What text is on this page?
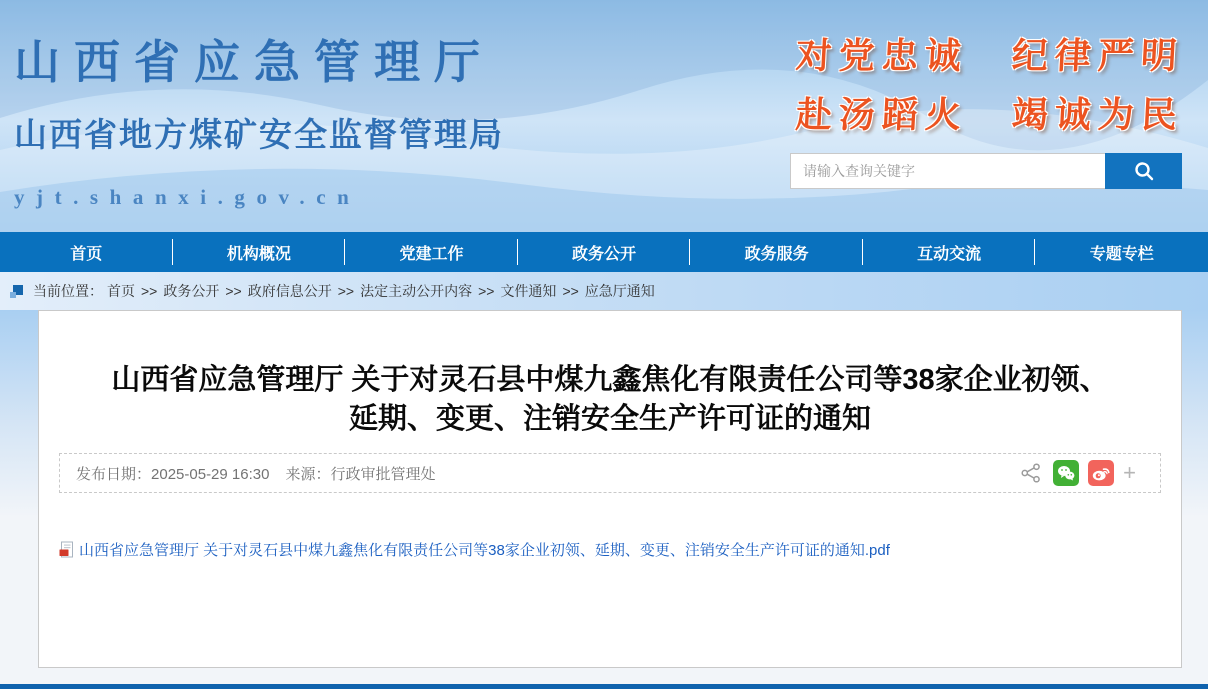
山西省应急管理厅
山西省地方煤矿安全监督管理局
yjt.shanxi.gov.cn
对党忠诚 纪律严明
赴汤蹈火 竭诚为民
请输入查询关键字
首页	机构概况	党建工作	政务公开	政务服务	互动交流	专题专栏
当前位置： 首页 >> 政务公开 >> 政府信息公开 >> 法定主动公开内容 >> 文件通知 >> 应急厅通知
山西省应急管理厅 关于对灵石县中煤九鑫焦化有限责任公司等38家企业初领、延期、变更、注销安全生产许可证的通知
发布日期：2025-05-29 16:30 来源：行政审批管理处	+
山西省应急管理厅 关于对灵石县中煤九鑫焦化有限责任公司等38家企业初领、延期、变更、注销安全生产许可证的通知.pdf
